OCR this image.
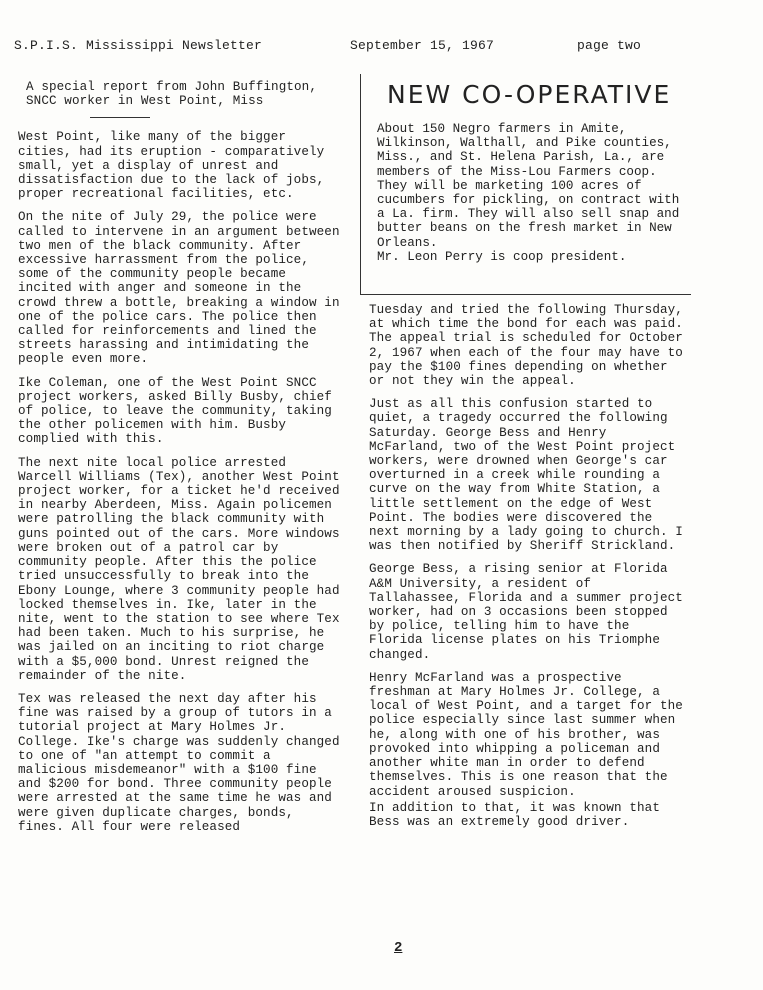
S.P.I.S. Mississippi Newsletter	September 15, 1967	page two

A special report from John Buffington, SNCC worker in West Point, Miss

West Point, like many of the bigger cities, had its eruption - comparatively small, yet a display of unrest and dissatisfaction due to the lack of jobs, proper recreational facilities, etc.

On the nite of July 29, the police were called to intervene in an argument between two men of the black community. After excessive harrassment from the police, some of the community people became incited with anger and someone in the crowd threw a bottle, breaking a window in one of the police cars. The police then called for reinforcements and lined the streets harassing and intimidating the people even more.

Ike Coleman, one of the West Point SNCC project workers, asked Billy Busby, chief of police, to leave the community, taking the other policemen with him. Busby complied with this.

The next nite local police arrested Warcell Williams (Tex), another West Point project worker, for a ticket he'd received in nearby Aberdeen, Miss. Again policemen were patrolling the black community with guns pointed out of the cars. More windows were broken out of a patrol car by community people. After this the police tried unsuccessfully to break into the Ebony Lounge, where 3 community people had locked themselves in. Ike, later in the nite, went to the station to see where Tex had been taken. Much to his surprise, he was jailed on an inciting to riot charge with a $5,000 bond. Unrest reigned the remainder of the nite.

Tex was released the next day after his fine was raised by a group of tutors in a tutorial project at Mary Holmes Jr. College. Ike's charge was suddenly changed to one of "an attempt to commit a malicious misdemeanor" with a $100 fine and $200 for bond. Three community people were arrested at the same time he was and were given duplicate charges, bonds, fines. All four were released

NEW CO-OPERATIVE

About 150 Negro farmers in Amite, Wilkinson, Walthall, and Pike counties, Miss., and St. Helena Parish, La., are members of the Miss-Lou Farmers coop. They will be marketing 100 acres of cucumbers for pickling, on contract with a La. firm. They will also sell snap and butter beans on the fresh market in New Orleans.

Mr. Leon Perry is coop president.

Tuesday and tried the following Thursday, at which time the bond for each was paid. The appeal trial is scheduled for October 2, 1967 when each of the four may have to pay the $100 fines depending on whether or not they win the appeal.

Just as all this confusion started to quiet, a tragedy occurred the following Saturday. George Bess and Henry McFarland, two of the West Point project workers, were drowned when George's car overturned in a creek while rounding a curve on the way from White Station, a little settlement on the edge of West Point. The bodies were discovered the next morning by a lady going to church. I was then notified by Sheriff Strickland.

George Bess, a rising senior at Florida A&M University, a resident of Tallahassee, Florida and a summer project worker, had on 3 occasions been stopped by police, telling him to have the Florida license plates on his Triomphe changed.

Henry McFarland was a prospective freshman at Mary Holmes Jr. College, a local of West Point, and a target for the police especially since last summer when he, along with one of his brother, was provoked into whipping a policeman and another white man in order to defend themselves. This is one reason that the accident aroused suspicion.

In addition to that, it was known that Bess was an extremely good driver.

2
